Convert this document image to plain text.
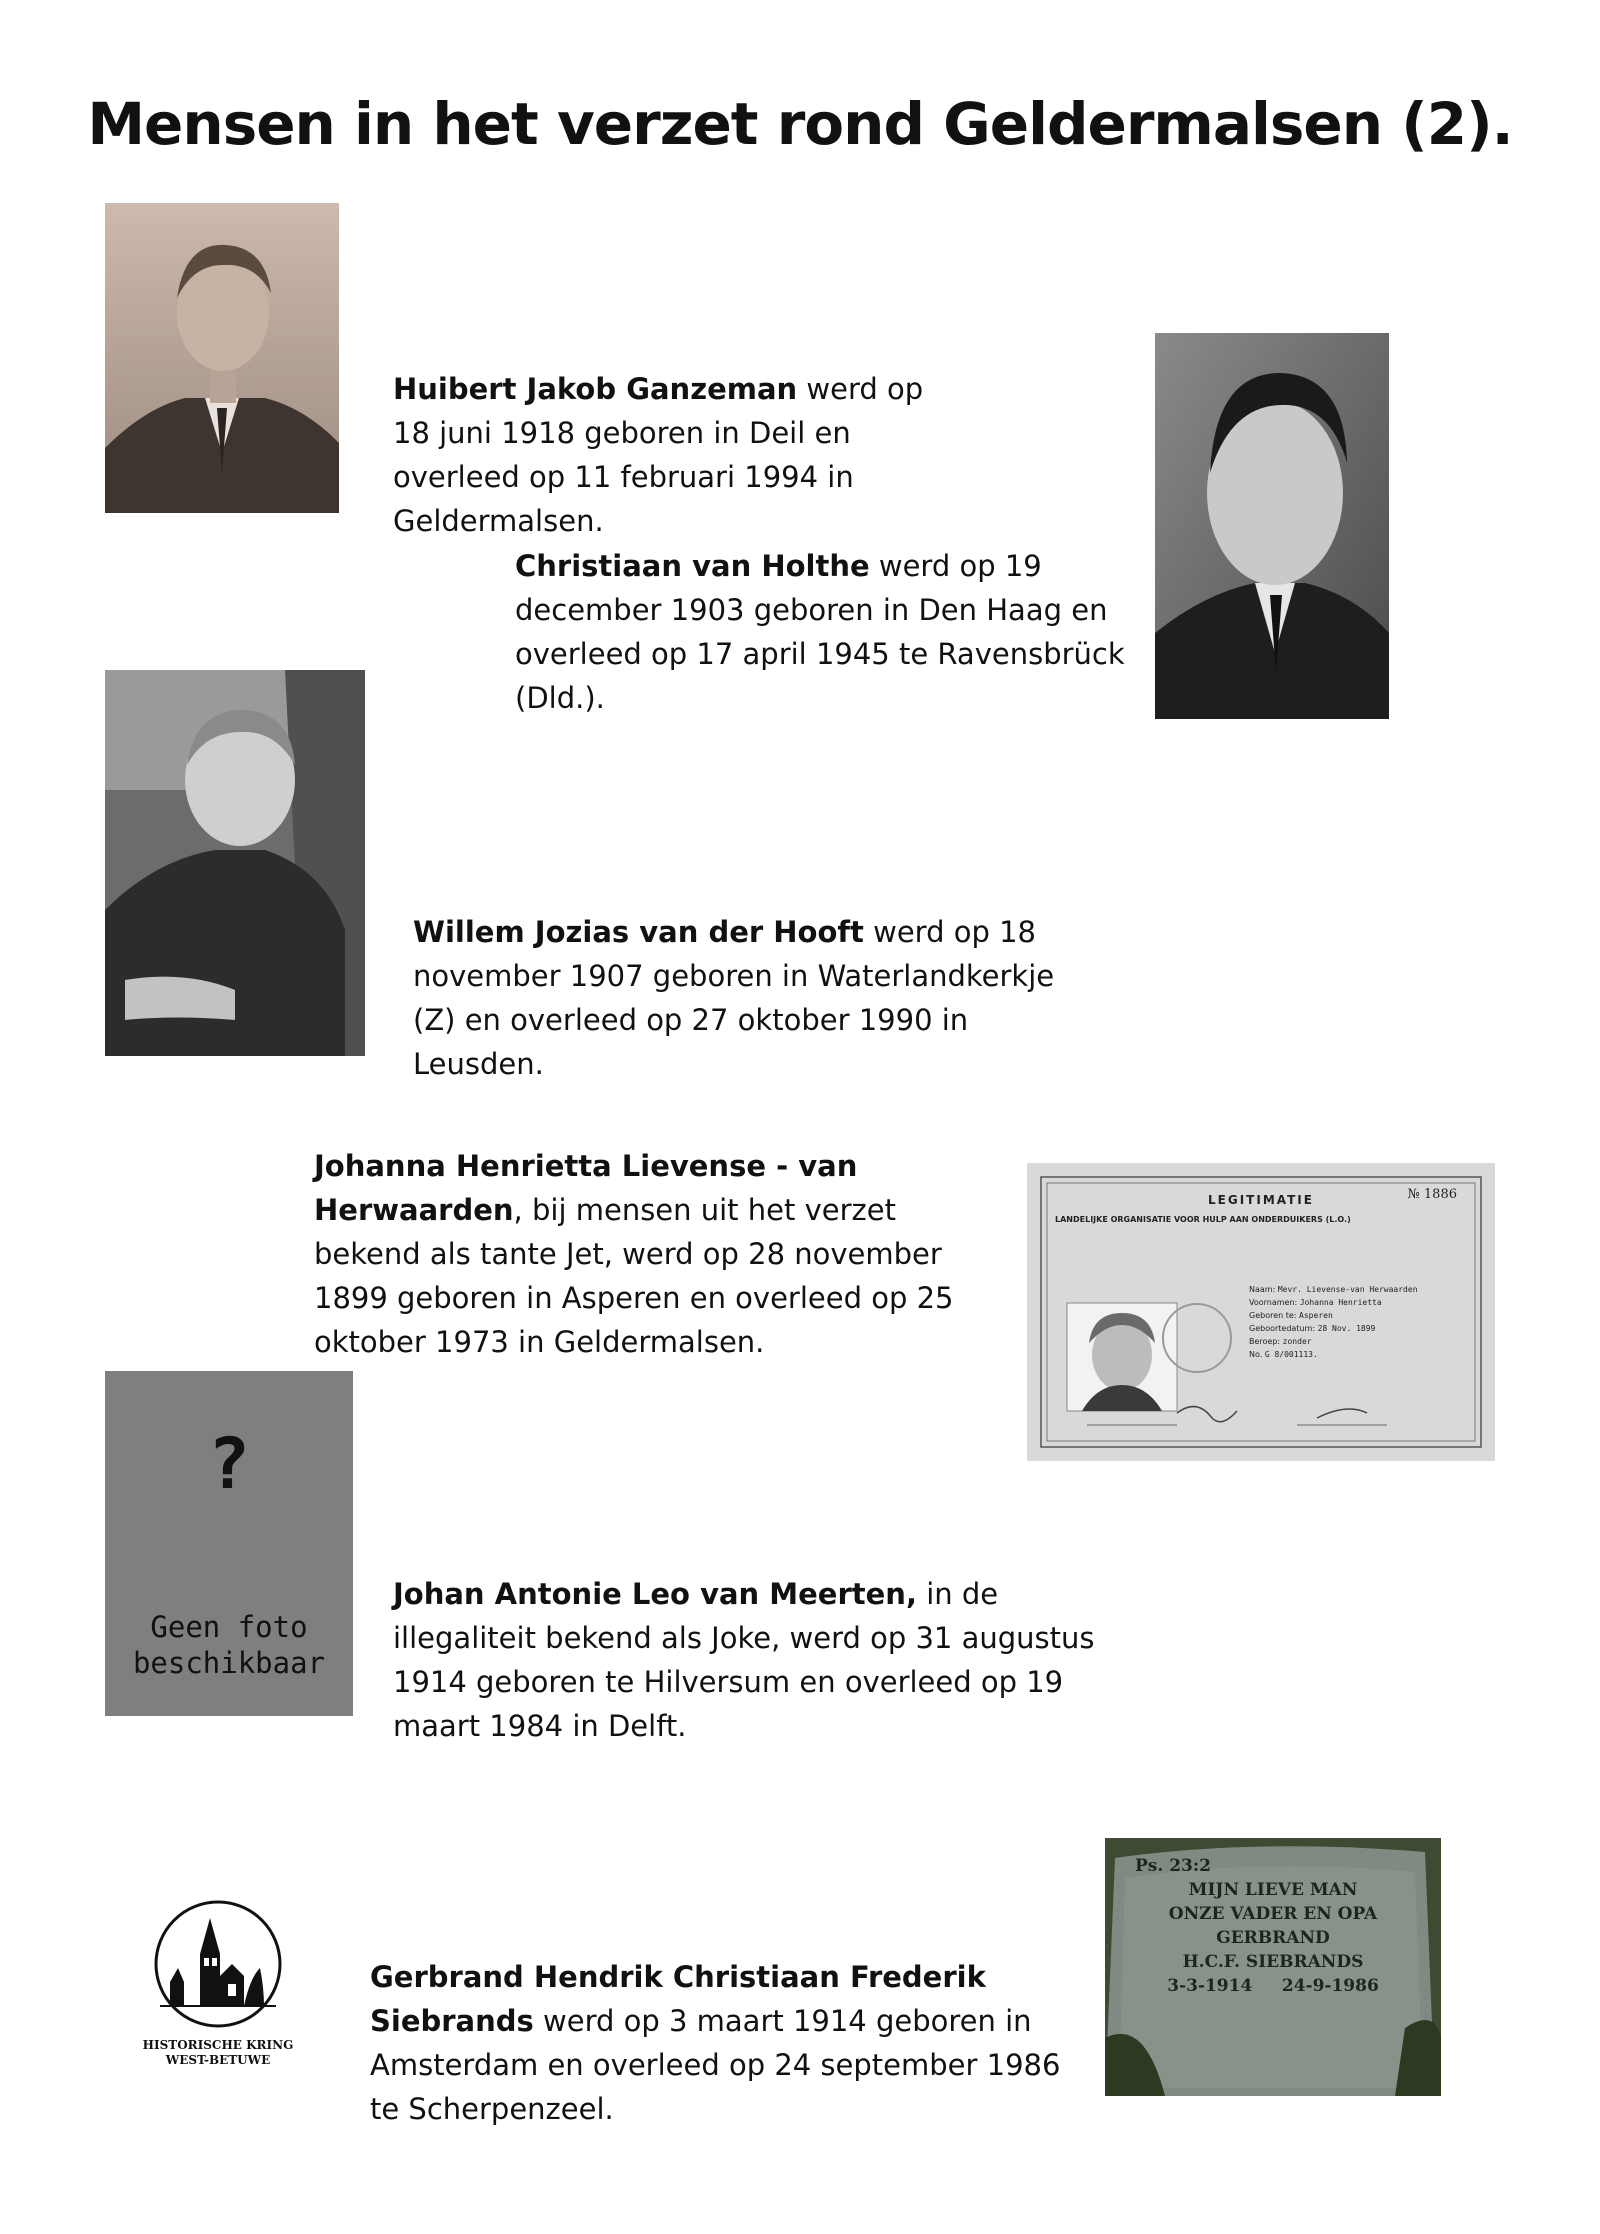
Mensen in het verzet rond Geldermalsen (2).
Huibert Jakob Ganzeman werd op 18 juni 1918 geboren in Deil en overleed op 11 februari 1994 in Geldermalsen.
Christiaan van Holthe werd op 19 december 1903 geboren in Den Haag en overleed op 17 april 1945 te Ravensbrück (Dld.).
Willem Jozias van der Hooft werd op 18 november 1907 geboren in Waterlandkerkje (Z) en overleed op 27 oktober 1990 in Leusden.
Johanna Henrietta Lievense - van Herwaarden, bij mensen uit het verzet bekend als tante Jet, werd op 28 november 1899 geboren in Asperen en overleed op 25 oktober 1973 in Geldermalsen.
№ 1886
LEGITIMATIE
LANDELIJKE ORGANISATIE VOOR HULP AAN ONDERDUIKERS (L.O.)
Naam: Mevr. Lievense-van Herwaarden
Voornamen: Johanna Henrietta
Geboren te: Asperen
Geboortedatum: 28 Nov. 1899
Beroep: zonder
No. G 8/001113.
?
Geen foto
beschikbaar
Johan Antonie Leo van Meerten, in de illegaliteit bekend als Joke, werd op 31 augustus 1914 geboren te Hilversum en overleed op 19 maart 1984 in Delft.
HISTORISCHE KRING
WEST-BETUWE
Gerbrand Hendrik Christiaan Frederik Siebrands werd op 3 maart 1914 geboren in Amsterdam en overleed op 24 september 1986 te Scherpenzeel.
Ps. 23:2
MIJN LIEVE MAN
ONZE VADER EN OPA
GERBRAND
H.C.F. SIEBRANDS
3-3-1914     24-9-1986
